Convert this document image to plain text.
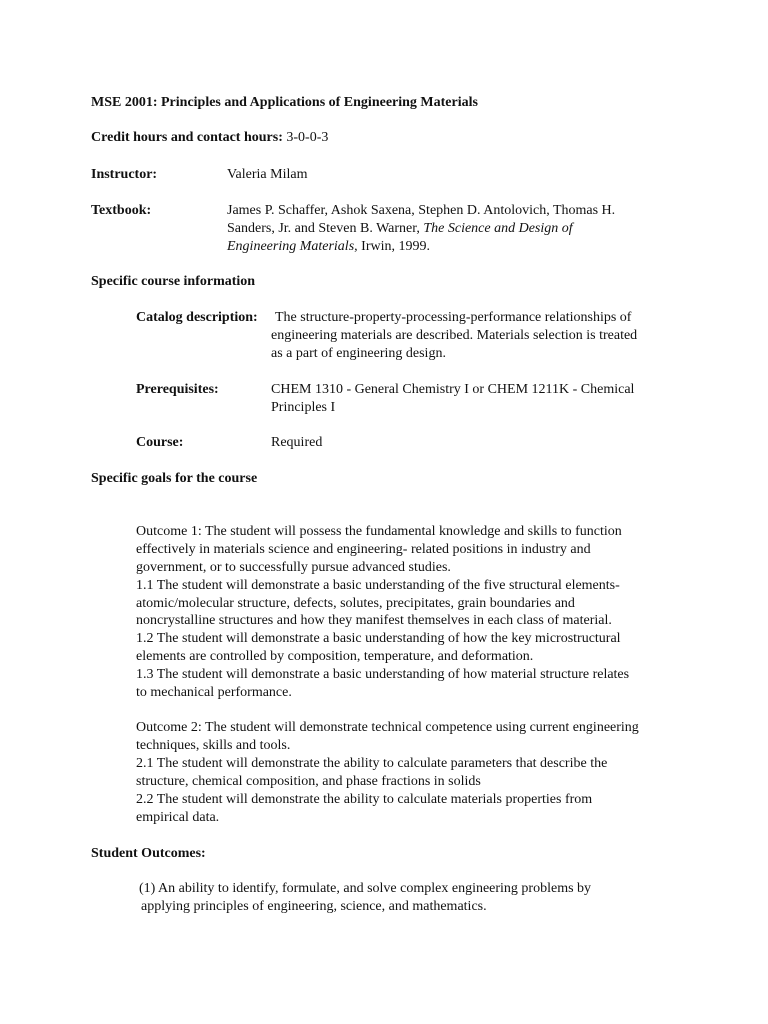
MSE 2001: Principles and Applications of Engineering Materials
Credit hours and contact hours: 3-0-0-3
Instructor:	Valeria Milam
Textbook:	James P. Schaffer, Ashok Saxena, Stephen D. Antolovich, Thomas H.
Sanders, Jr. and Steven B. Warner, The Science and Design of
Engineering Materials, Irwin, 1999.
Specific course information
Catalog description: The structure-property-processing-performance relationships of
engineering materials are described. Materials selection is treated
as a part of engineering design.
Prerequisites:	CHEM 1310 - General Chemistry I or CHEM 1211K - Chemical
Principles I
Course:	Required
Specific goals for the course
Outcome 1: The student will possess the fundamental knowledge and skills to function
effectively in materials science and engineering- related positions in industry and
government, or to successfully pursue advanced studies.
1.1 The student will demonstrate a basic understanding of the five structural elements-
atomic/molecular structure, defects, solutes, precipitates, grain boundaries and
noncrystalline structures and how they manifest themselves in each class of material.
1.2 The student will demonstrate a basic understanding of how the key microstructural
elements are controlled by composition, temperature, and deformation.
1.3 The student will demonstrate a basic understanding of how material structure relates
to mechanical performance.
Outcome 2: The student will demonstrate technical competence using current engineering
techniques, skills and tools.
2.1 The student will demonstrate the ability to calculate parameters that describe the
structure, chemical composition, and phase fractions in solids
2.2 The student will demonstrate the ability to calculate materials properties from
empirical data.
Student Outcomes:
(1) An ability to identify, formulate, and solve complex engineering problems by
applying principles of engineering, science, and mathematics.
